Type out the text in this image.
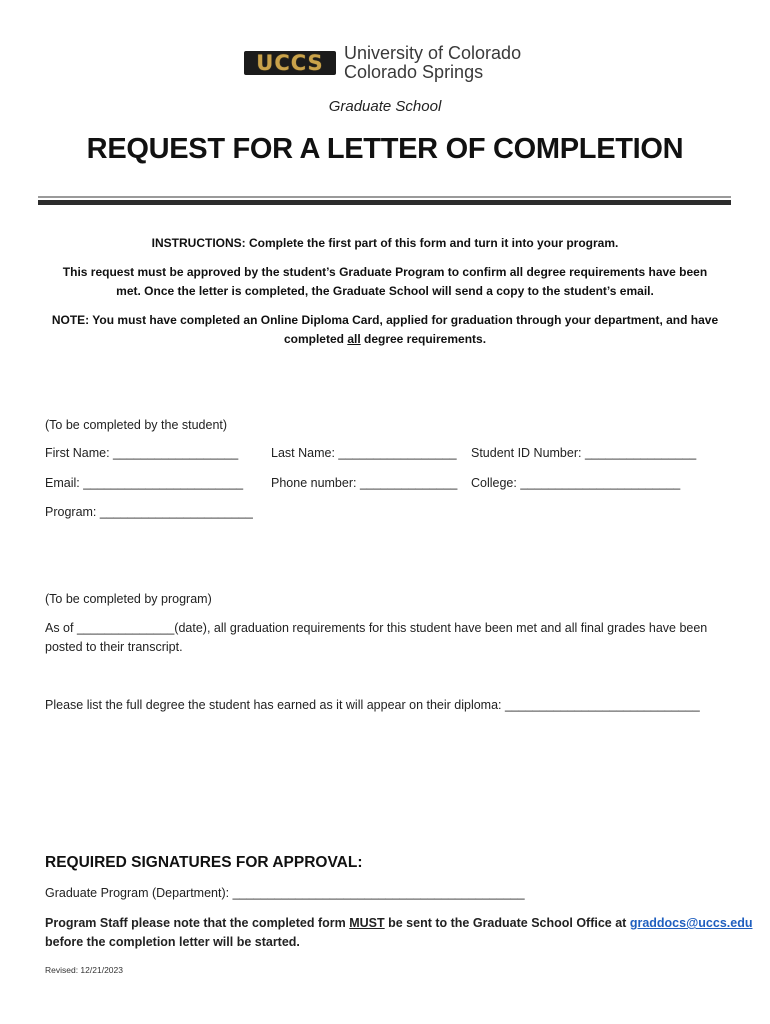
UCCS University of Colorado
Colorado Springs
Graduate School
REQUEST FOR A LETTER OF COMPLETION
INSTRUCTIONS: Complete the first part of this form and turn it into your program.
This request must be approved by the student’s Graduate Program to confirm all degree requirements have been
met. Once the letter is completed, the Graduate School will send a copy to the student’s email.
NOTE: You must have completed an Online Diploma Card, applied for graduation through your department, and have
completed all degree requirements.
(To be completed by the student)
First Name: __________________	Last Name: _________________ Student ID Number: ________________
Email: _______________________ Phone number: ______________ College: _______________________
Program: ______________________
(To be completed by program)
As of ______________(date), all graduation requirements for this student have been met and all final grades have been
posted to their transcript.
Please list the full degree the student has earned as it will appear on their diploma: ____________________________
REQUIRED SIGNATURES FOR APPROVAL:
Graduate Program (Department): __________________________________________
Program Staff please note that the completed form MUST be sent to the Graduate School Office at graddocs@uccs.edu
before the completion letter will be started.
Revised: 12/21/2023
